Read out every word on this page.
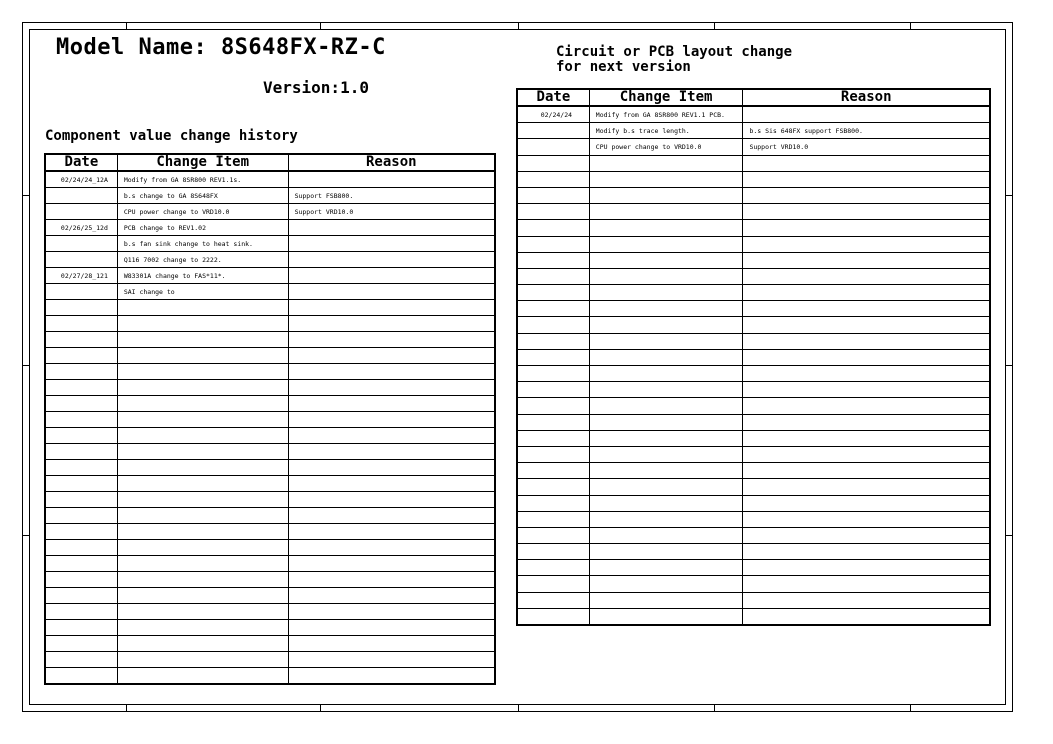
Model Name: 8S648FX-RZ-C
Version:1.0
Component value change history
Circuit or PCB layout change
for next version
Date	Change Item	Reason
02/24/24_12A	Modify from GA 8SR800 REV1.1s.	
	b.s change to GA 8S648FX	Support FSB800.
	CPU power change to VRD10.0	Support VRD10.0
02/26/25_12d	PCB change to REV1.02	
	b.s fan sink change to heat sink.	
	Q116 7002 change to 2222.	
02/27/28_121	W83301A change to FAS*11*.	
	SAI change to	

Date	Change Item	Reason
02/24/24	Modify from GA 8SR800 REV1.1 PCB.	
	Modify b.s trace length.	b.s Sis 648FX support FSB800.
	CPU power change to VRD10.0	Support VRD10.0
